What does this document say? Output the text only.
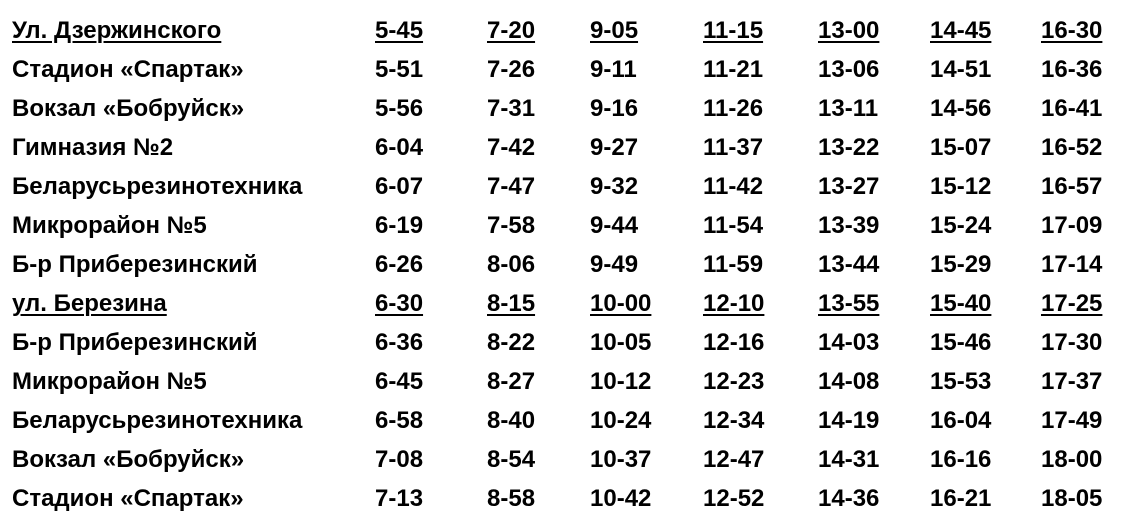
Ул. Дзержинского	5-45	7-20 9-05	11-15 13-00 14-45 16-30
Стадион «Спартак»	5-51	7-26 9-11	11-21 13-06 14-51 16-36
Вокзал «Бобруйск»	5-56	7-31 9-16	11-26 13-11 14-56 16-41
Гимназия №2	6-04	7-42 9-27	11-37 13-22 15-07 16-52
Беларусьрезинотехника	6-07	7-47 9-32	11-42 13-27 15-12 16-57
Микрорайон №5	6-19	7-58 9-44	11-54 13-39 15-24 17-09
Б-р Приберезинский	6-26	8-06 9-49	11-59 13-44 15-29 17-14
ул. Березина	6-30	8-15 10-00 12-10 13-55 15-40 17-25
Б-р Приберезинский	6-36	8-22 10-05 12-16 14-03 15-46 17-30
Микрорайон №5	6-45	8-27 10-12 12-23 14-08 15-53 17-37
Беларусьрезинотехника	6-58	8-40 10-24 12-34 14-19 16-04 17-49
Вокзал «Бобруйск»	7-08	8-54 10-37 12-47 14-31 16-16 18-00
Стадион «Спартак»	7-13	8-58 10-42 12-52 14-36 16-21 18-05
